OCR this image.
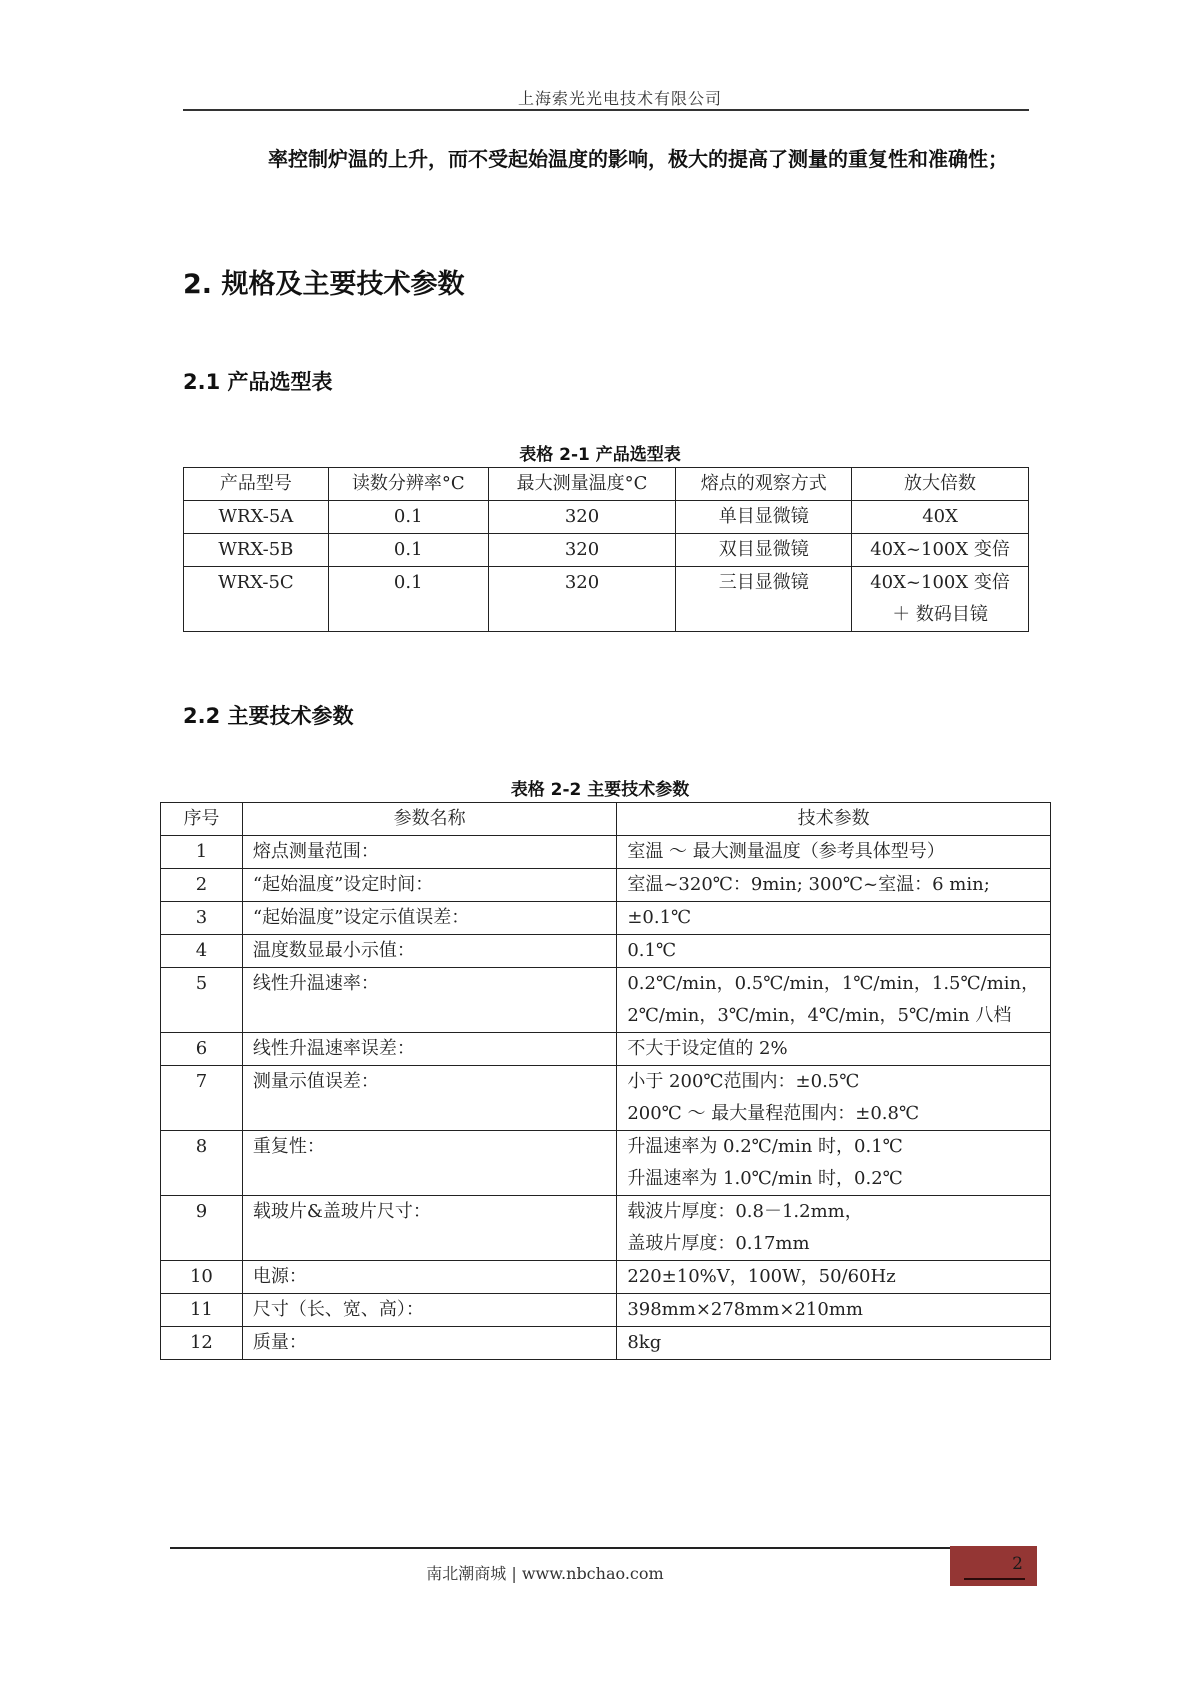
上海索光光电技术有限公司
率控制炉温的上升，而不受起始温度的影响，极大的提高了测量的重复性和准确性；
2. 规格及主要技术参数
2.1 产品选型表
表格 2-1 产品选型表
产品型号	读数分辨率°C	最大测量温度°C	熔点的观察方式	放大倍数
WRX-5A	0.1	320	单目显微镜	40X
WRX-5B	0.1	320	双目显微镜	40X~100X 变倍
WRX-5C	0.1	320	三目显微镜	40X~100X 变倍
＋ 数码目镜
2.2 主要技术参数
表格 2-2 主要技术参数
序号	参数名称	技术参数
1	熔点测量范围：	室温 ～ 最大测量温度（参考具体型号）
2	“起始温度”设定时间：	室温~320℃：9min; 300℃~室温：6 min;
3	“起始温度”设定示值误差：	±0.1℃
4	温度数显最小示值：	0.1℃
5	线性升温速率：	0.2℃/min，0.5℃/min，1℃/min，1.5℃/min，
2℃/min，3℃/min，4℃/min，5℃/min 八档

6	线性升温速率误差：	不大于设定值的 2%
7	测量示值误差：	小于 200℃范围内：±0.5℃
200℃ ～ 最大量程范围内：±0.8℃

8	重复性：	升温速率为 0.2℃/min 时，0.1℃
升温速率为 1.0℃/min 时，0.2℃

9	载玻片&盖玻片尺寸：	载波片厚度：0.8－1.2mm，
盖玻片厚度：0.17mm

10	电源：	220±10%V，100W，50/60Hz
11	尺寸（长、宽、高）：	398mm×278mm×210mm
12	质量：	8kg
南北潮商城 | www.nbchao.com	2
